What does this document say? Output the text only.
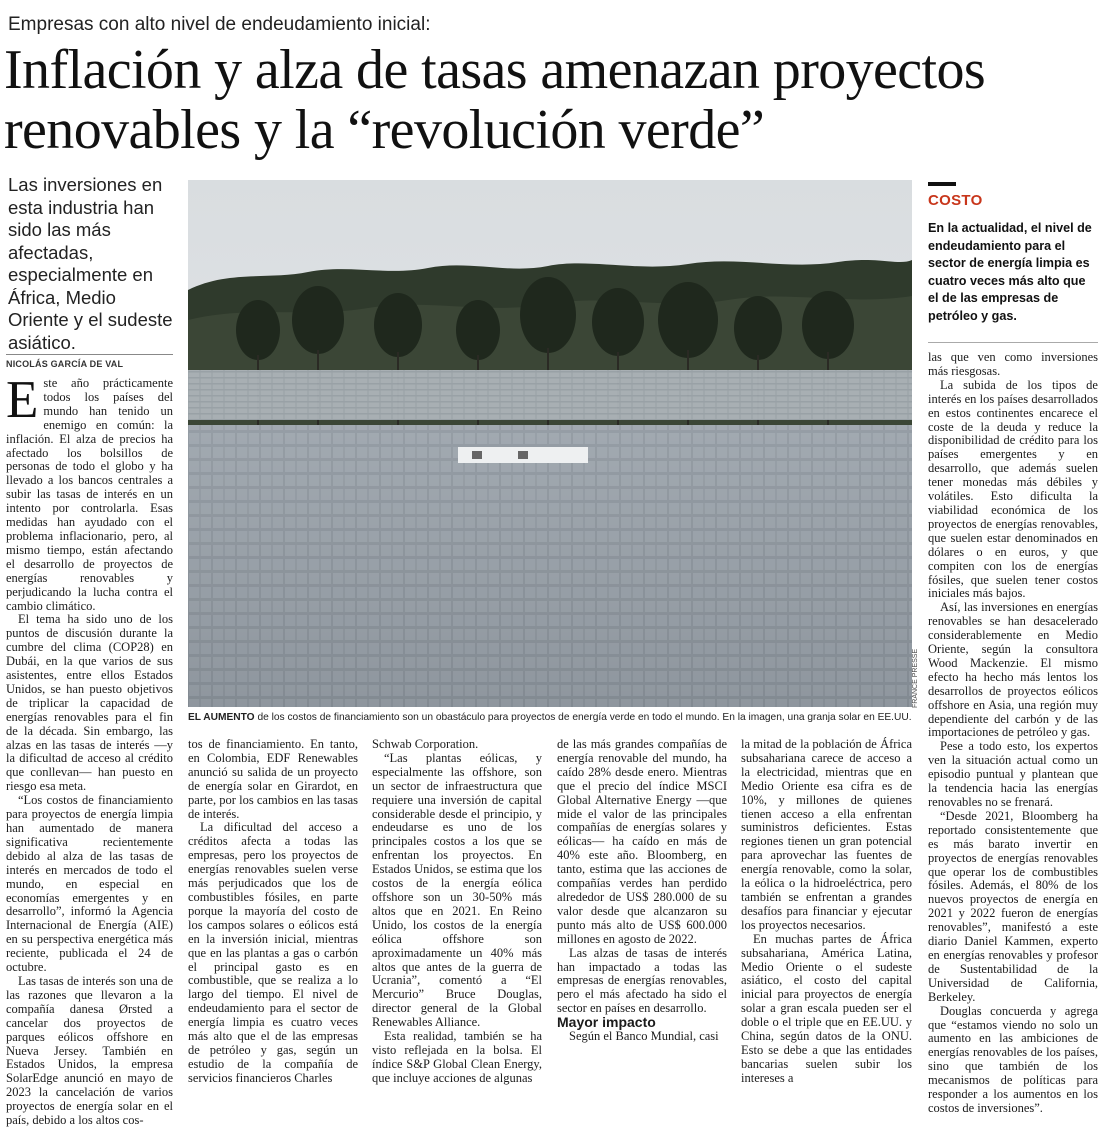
Empresas con alto nivel de endeudamiento inicial:
Inflación y alza de tasas amenazan proyectos
renovables y la “revolución verde”
Las inversiones en esta industria han sido las más afectadas, especialmente en África, Medio Oriente y el sudeste asiático.
NICOLÁS GARCÍA DE VAL
FRANCE PRESSE
EL AUMENTO de los costos de financiamiento son un obastáculo para proyectos de energía verde en todo el mundo. En la imagen, una granja solar en EE.UU.

Este año prácticamente todos los países del mundo han tenido un enemigo en común: la inflación. El alza de precios ha afectado los bolsillos de personas de todo el globo y ha llevado a los bancos centrales a subir las tasas de interés en un intento por controlarla. Esas medidas han ayudado con el problema inflacionario, pero, al mismo tiempo, están afectando el desarrollo de proyectos de energías renovables y perjudicando la lucha contra el cambio climático.

El tema ha sido uno de los puntos de discusión durante la cumbre del clima (COP28) en Dubái, en la que varios de sus asistentes, entre ellos Estados Unidos, se han puesto objetivos de triplicar la capacidad de energías renovables para el fin de la década. Sin embargo, las alzas en las tasas de interés —y la dificultad de acceso al crédito que conllevan— han puesto en riesgo esa meta.

“Los costos de financiamiento para proyectos de energía limpia han aumentado de manera significativa recientemente debido al alza de las tasas de interés en mercados de todo el mundo, en especial en economías emergentes y en desarrollo”, informó la Agencia Internacional de Energía (AIE) en su perspectiva energética más reciente, publicada el 24 de octubre.

Las tasas de interés son una de las razones que llevaron a la compañía danesa Ørsted a cancelar dos proyectos de parques eólicos offshore en Nueva Jersey. También en Estados Unidos, la empresa SolarEdge anunció en mayo de 2023 la cancelación de varios proyectos de energía solar en el país, debido a los altos cos-

tos de financiamiento. En tanto, en Colombia, EDF Renewables anunció su salida de un proyecto de energía solar en Girardot, en parte, por los cambios en las tasas de interés.

La dificultad del acceso a créditos afecta a todas las empresas, pero los proyectos de energías renovables suelen verse más perjudicados que los de combustibles fósiles, en parte porque la mayoría del costo de los campos solares o eólicos está en la inversión inicial, mientras que en las plantas a gas o carbón el principal gasto es en combustible, que se realiza a lo largo del tiempo. El nivel de endeudamiento para el sector de energía limpia es cuatro veces más alto que el de las empresas de petróleo y gas, según un estudio de la compañía de servicios financieros Charles

Schwab Corporation.

“Las plantas eólicas, y especialmente las offshore, son un sector de infraestructura que requiere una inversión de capital considerable desde el principio, y endeudarse es uno de los principales costos a los que se enfrentan los proyectos. En Estados Unidos, se estima que los costos de la energía eólica offshore son un 30-50% más altos que en 2021. En Reino Unido, los costos de la energía eólica offshore son aproximadamente un 40% más altos que antes de la guerra de Ucrania”, comentó a “El Mercurio” Bruce Douglas, director general de la Global Renewables Alliance.

Esta realidad, también se ha visto reflejada en la bolsa. El índice S&P Global Clean Energy, que incluye acciones de algunas

de las más grandes compañías de energía renovable del mundo, ha caído 28% desde enero. Mientras que el precio del índice MSCI Global Alternative Energy —que mide el valor de las principales compañías de energías solares y eólicas— ha caído en más de 40% este año. Bloomberg, en tanto, estima que las acciones de compañías verdes han perdido alrededor de US$ 280.000 de su valor desde que alcanzaron su punto más alto de US$ 600.000 millones en agosto de 2022.

Las alzas de tasas de interés han impactado a todas las empresas de energías renovables, pero el más afectado ha sido el sector en países en desarrollo.

Mayor impacto

Según el Banco Mundial, casi

la mitad de la población de África subsahariana carece de acceso a la electricidad, mientras que en Medio Oriente esa cifra es de 10%, y millones de quienes tienen acceso a ella enfrentan suministros deficientes. Estas regiones tienen un gran potencial para aprovechar las fuentes de energía renovable, como la solar, la eólica o la hidroeléctrica, pero también se enfrentan a grandes desafíos para financiar y ejecutar los proyectos necesarios.

En muchas partes de África subsahariana, América Latina, Medio Oriente o el sudeste asiático, el costo del capital inicial para proyectos de energía solar a gran escala pueden ser el doble o el triple que en EE.UU. y China, según datos de la ONU. Esto se debe a que las entidades bancarias suelen subir los intereses a

COSTO
En la actualidad, el nivel de endeudamiento para el sector de energía limpia es cuatro veces más alto que el de las empresas de petróleo y gas.

las que ven como inversiones más riesgosas.

La subida de los tipos de interés en los países desarrollados en estos continentes encarece el coste de la deuda y reduce la disponibilidad de crédito para los países emergentes y en desarrollo, que además suelen tener monedas más débiles y volátiles. Esto dificulta la viabilidad económica de los proyectos de energías renovables, que suelen estar denominados en dólares o en euros, y que compiten con los de energías fósiles, que suelen tener costos iniciales más bajos.

Así, las inversiones en energías renovables se han desacelerado considerablemente en Medio Oriente, según la consultora Wood Mackenzie. El mismo efecto ha hecho más lentos los desarrollos de proyectos eólicos offshore en Asia, una región muy dependiente del carbón y de las importaciones de petróleo y gas.

Pese a todo esto, los expertos ven la situación actual como un episodio puntual y plantean que la tendencia hacia las energías renovables no se frenará.

“Desde 2021, Bloomberg ha reportado consistentemente que es más barato invertir en proyectos de energías renovables que operar los de combustibles fósiles. Además, el 80% de los nuevos proyectos de energía en 2021 y 2022 fueron de energías renovables”, manifestó a este diario Daniel Kammen, experto en energías renovables y profesor de Sustentabilidad de la Universidad de California, Berkeley.

Douglas concuerda y agrega que “estamos viendo no solo un aumento en las ambiciones de energías renovables de los países, sino que también de los mecanismos de políticas para responder a los aumentos en los costos de inversiones”.
